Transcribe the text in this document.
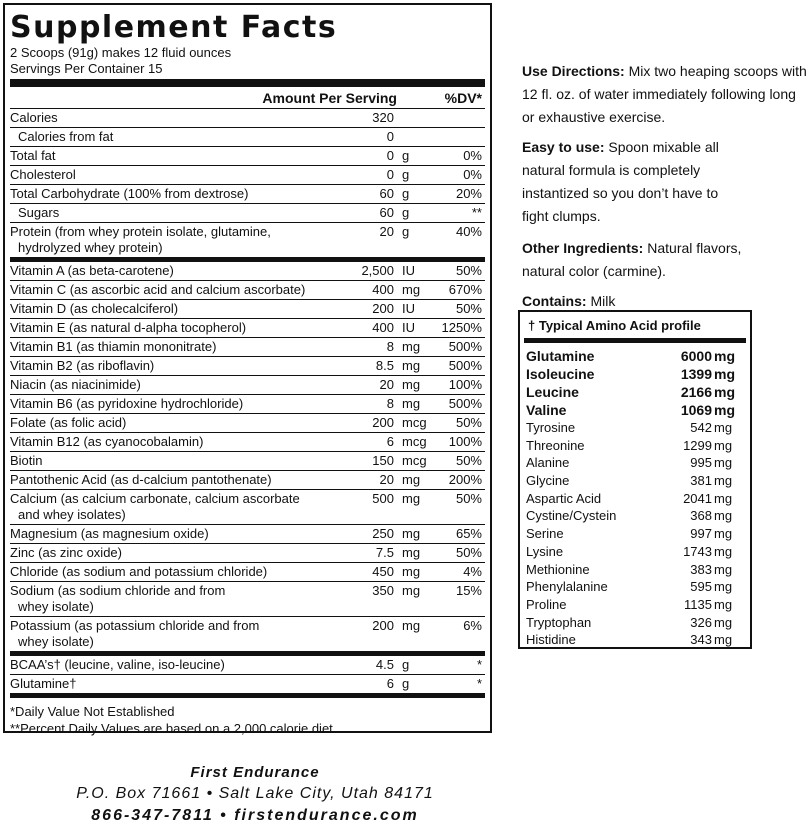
Supplement Facts
2 Scoops (91g) makes 12 fluid ounces
Servings Per Container 15
Amount Per Serving	%DV*
Calories	320
Calories from fat	0
Total fat	0 g	0%
Cholesterol	0 g	0%
Total Carbohydrate (100% from dextrose)	60 g	20%
Sugars	60 g	**
Protein (from whey protein isolate, glutamine,
hydrolyzed whey protein)
20 g	40%
Vitamin A (as beta-carotene)	2,500 IU	50%
Vitamin C (as ascorbic acid and calcium ascorbate)	400 mg	670%
Vitamin D (as cholecalciferol)	200 IU	50%
Vitamin E (as natural d-alpha tocopherol)	400 IU	1250%
Vitamin B1 (as thiamin mononitrate)	8 mg	500%
Vitamin B2 (as riboflavin)	8.5 mg	500%
Niacin (as niacinimide)	20 mg	100%
Vitamin B6 (as pyridoxine hydrochloride)	8 mg	500%
Folate (as folic acid)	200 mcg	50%
Vitamin B12 (as cyanocobalamin)	6 mcg	100%
Biotin	150 mcg	50%
Pantothenic Acid (as d-calcium pantothenate)	20 mg	200%
Calcium (as calcium carbonate, calcium ascorbate
and whey isolates)
500 mg	50%
Magnesium (as magnesium oxide)	250 mg	65%
Zinc (as zinc oxide)	7.5 mg	50%
Chloride (as sodium and potassium chloride)	450 mg	4%
Sodium (as sodium chloride and from
whey isolate)
350 mg	15%
Potassium (as potassium chloride and from
whey isolate)
200 mg	6%
BCAA’s† (leucine, valine, iso-leucine)	4.5 g	*
Glutamine†	6 g	*
*Daily Value Not Established
**Percent Daily Values are based on a 2,000 calorie diet.

Use Directions: Mix two heaping scoops with 12 fl. oz. of water immediately following long or exhaustive exercise.

Easy to use: Spoon mixable all natural formula is completely instantized so you don’t have to fight clumps.

Other Ingredients: Natural flavors, natural color (carmine).

Contains: Milk

† Typical Amino Acid profile
Glutamine	6000 mg
Isoleucine	1399 mg
Leucine	2166 mg
Valine	1069 mg
Tyrosine	542 mg
Threonine	1299 mg
Alanine	995 mg
Glycine	381 mg
Aspartic Acid	2041 mg
Cystine/Cystein	368 mg
Serine	997 mg
Lysine	1743 mg
Methionine	383 mg
Phenylalanine	595 mg
Proline	1135 mg
Tryptophan	326 mg
Histidine	343 mg
First Endurance
P.O. Box 71661 • Salt Lake City, Utah 84171
866-347-7811 • firstendurance.com
